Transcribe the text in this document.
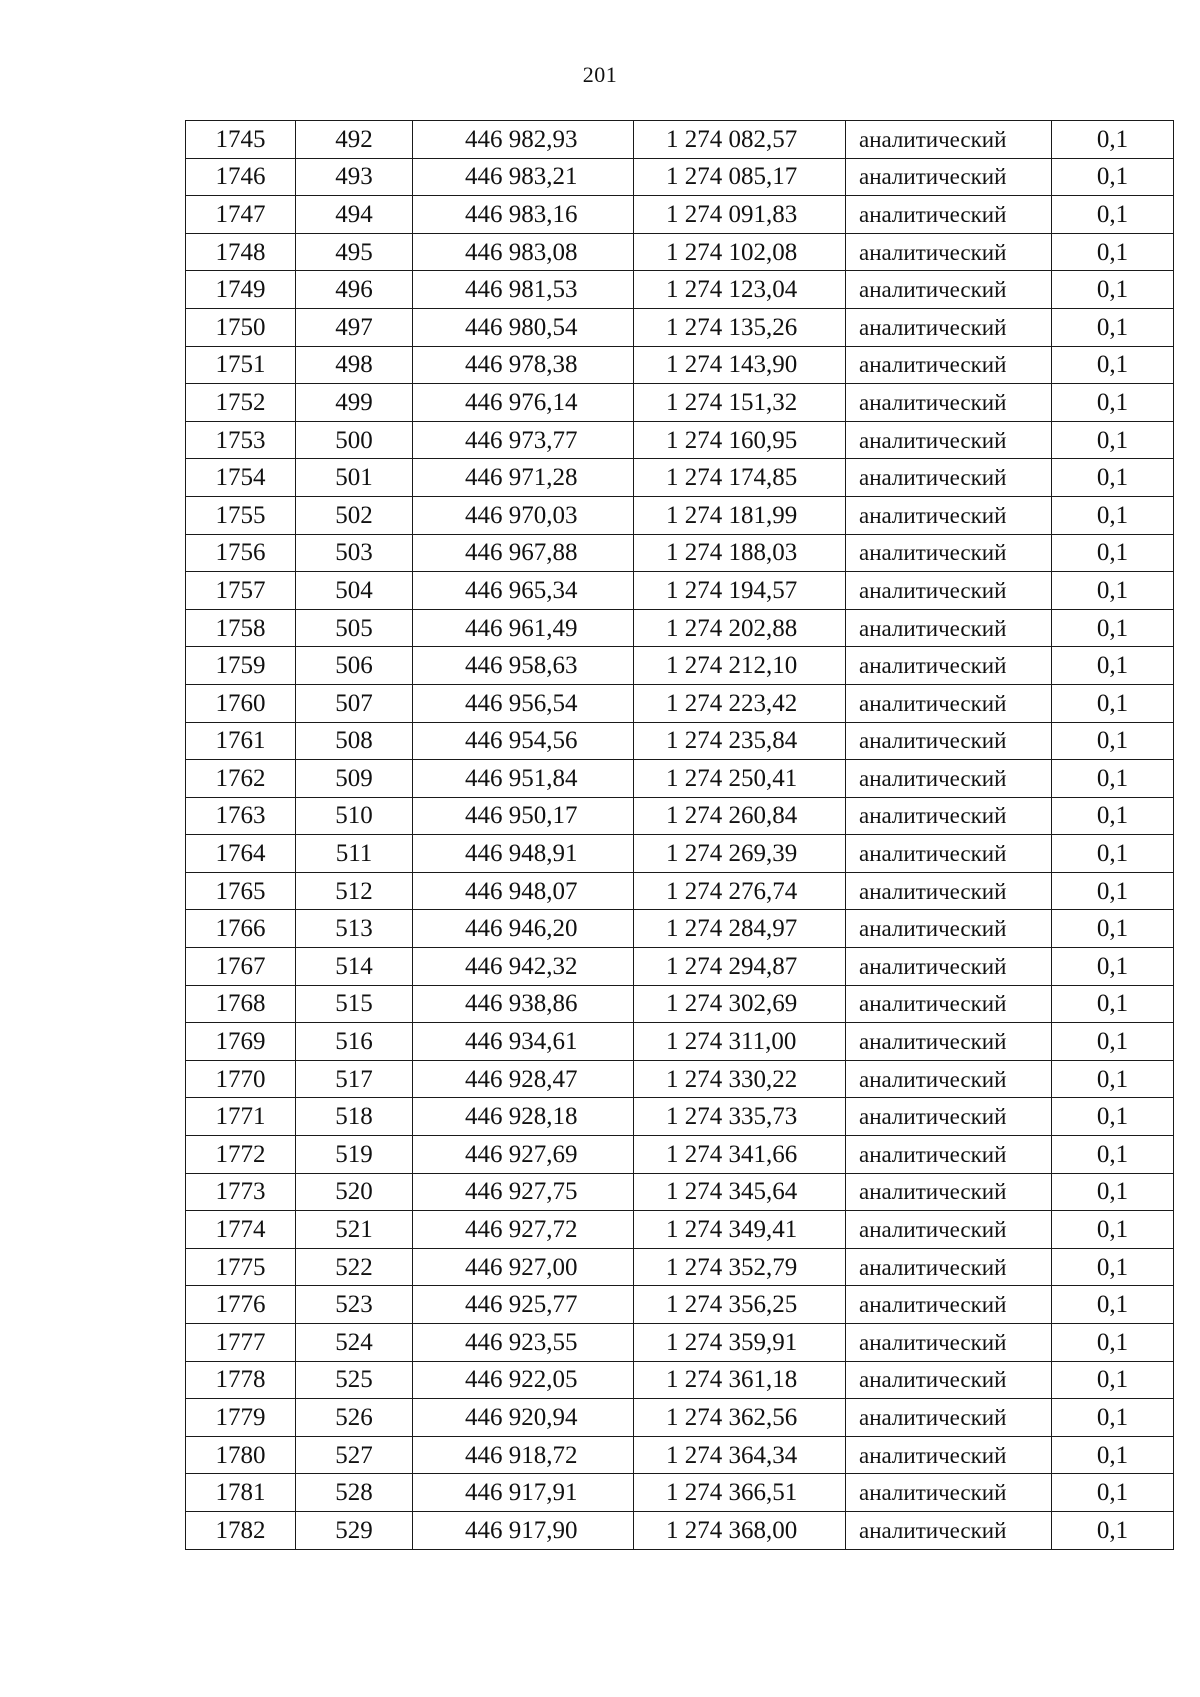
201
1745	492	446 982,93	1 274 082,57	аналитический	0,1
1746	493	446 983,21	1 274 085,17	аналитический	0,1
1747	494	446 983,16	1 274 091,83	аналитический	0,1
1748	495	446 983,08	1 274 102,08	аналитический	0,1
1749	496	446 981,53	1 274 123,04	аналитический	0,1
1750	497	446 980,54	1 274 135,26	аналитический	0,1
1751	498	446 978,38	1 274 143,90	аналитический	0,1
1752	499	446 976,14	1 274 151,32	аналитический	0,1
1753	500	446 973,77	1 274 160,95	аналитический	0,1
1754	501	446 971,28	1 274 174,85	аналитический	0,1
1755	502	446 970,03	1 274 181,99	аналитический	0,1
1756	503	446 967,88	1 274 188,03	аналитический	0,1
1757	504	446 965,34	1 274 194,57	аналитический	0,1
1758	505	446 961,49	1 274 202,88	аналитический	0,1
1759	506	446 958,63	1 274 212,10	аналитический	0,1
1760	507	446 956,54	1 274 223,42	аналитический	0,1
1761	508	446 954,56	1 274 235,84	аналитический	0,1
1762	509	446 951,84	1 274 250,41	аналитический	0,1
1763	510	446 950,17	1 274 260,84	аналитический	0,1
1764	511	446 948,91	1 274 269,39	аналитический	0,1
1765	512	446 948,07	1 274 276,74	аналитический	0,1
1766	513	446 946,20	1 274 284,97	аналитический	0,1
1767	514	446 942,32	1 274 294,87	аналитический	0,1
1768	515	446 938,86	1 274 302,69	аналитический	0,1
1769	516	446 934,61	1 274 311,00	аналитический	0,1
1770	517	446 928,47	1 274 330,22	аналитический	0,1
1771	518	446 928,18	1 274 335,73	аналитический	0,1
1772	519	446 927,69	1 274 341,66	аналитический	0,1
1773	520	446 927,75	1 274 345,64	аналитический	0,1
1774	521	446 927,72	1 274 349,41	аналитический	0,1
1775	522	446 927,00	1 274 352,79	аналитический	0,1
1776	523	446 925,77	1 274 356,25	аналитический	0,1
1777	524	446 923,55	1 274 359,91	аналитический	0,1
1778	525	446 922,05	1 274 361,18	аналитический	0,1
1779	526	446 920,94	1 274 362,56	аналитический	0,1
1780	527	446 918,72	1 274 364,34	аналитический	0,1
1781	528	446 917,91	1 274 366,51	аналитический	0,1
1782	529	446 917,90	1 274 368,00	аналитический	0,1
